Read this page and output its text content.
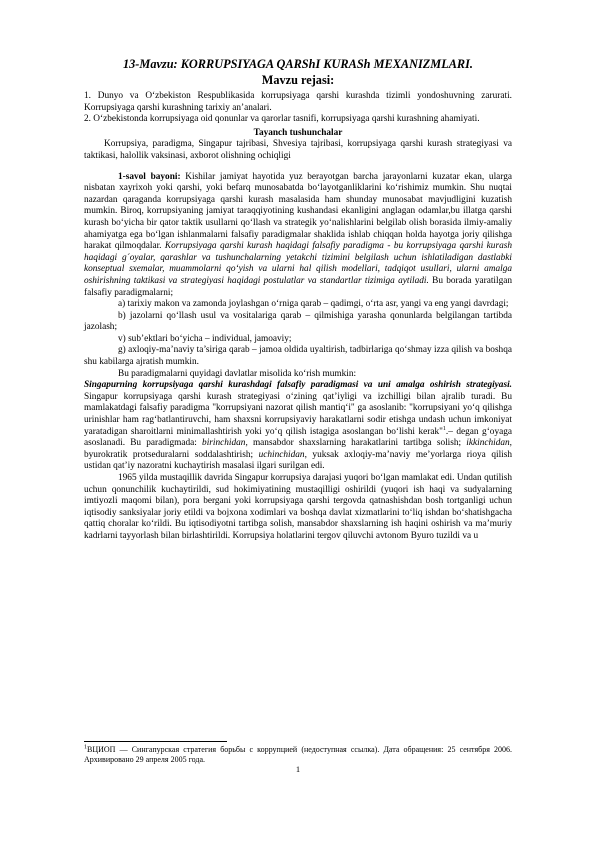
13-Mavzu: KORRUPSIYAGA QARShI KURASh MEXANIZMLARI.

Mavzu rejasi:

1. Dunyo va O‘zbekiston Respublikasida korrupsiyaga qarshi kurashda tizimli yondoshuvning zarurati. Korrupsiyaga qarshi kurashning tarixiy an’analari.

2. O‘zbekistonda korrupsiyaga oid qonunlar va qarorlar tasnifi, korrupsiyaga qarshi kurashning ahamiyati.

Tayanch tushunchalar

Korrupsiya, paradigma, Singapur tajribasi, Shvesiya tajribasi, korrupsiyaga qarshi kurash strategiyasi va taktikasi, halollik vaksinasi, axborot olishning ochiqligi

1-savol bayoni: Kishilar jamiyat hayotida yuz berayotgan barcha jarayonlarni kuzatar ekan, ularga nisbatan xayrixoh yoki qarshi, yoki befarq munosabatda bo‘layotganliklarini ko‘rishimiz mumkin. Shu nuqtai nazardan qaraganda korrupsiyaga qarshi kurash masalasida ham shunday munosabat mavjudligini kuzatish mumkin. Biroq, korrupsiyaning jamiyat taraqqiyotining kushandasi ekanligini anglagan odamlar,bu illatga qarshi kurash bo‘yicha bir qator taktik usullarni qo‘llash va strategik yo‘nalishlarini belgilab olish borasida ilmiy-amaliy ahamiyatga ega bo‘lgan ishlanmalarni falsafiy paradigmalar shaklida ishlab chiqqan holda hayotga joriy qilishga harakat qilmoqdalar. Korrupsiyaga qarshi kurash haqidagi falsafiy paradigma - bu korrupsiyaga qarshi kurash haqidagi g´oyalar, qarashlar va tushunchalarning yetakchi tizimini belgilash uchun ishlatiladigan dastlabki konseptual sxemalar, muammolarni qo‘yish va ularni hal qilish modellari, tadqiqot usullari, ularni amalga oshirishning taktikasi va strategiyasi haqidagi postulatlar va standartlar tizimiga aytiladi. Bu borada yaratilgan falsafiy paradigmalarni;

a) tarixiy makon va zamonda joylashgan o‘rniga qarab – qadimgi, o‘rta asr, yangi va eng yangi davrdagi;

b) jazolarni qo‘llash usul va vositalariga qarab – qilmishiga yarasha qonunlarda belgilangan tartibda jazolash;

v) sub’ektlari bo‘yicha – individual, jamoaviy;

g) axloqiy-ma’naviy ta’siriga qarab – jamoa oldida uyaltirish, tadbirlariga qo‘shmay izza qilish va boshqa shu kabilarga ajratish mumkin.

Bu paradigmalarni quyidagi davlatlar misolida ko‘rish mumkin:

Singapurning korrupsiyaga qarshi kurashdagi falsafiy paradigmasi va uni amalga oshirish strategiyasi. Singapur korrupsiyaga qarshi kurash strategiyasi o‘zining qat’iyligi va izchilligi bilan ajralib turadi. Bu mamlakatdagi falsafiy paradigma "korrupsiyani nazorat qilish mantiq‘i" ga asoslanib: "korrupsiyani yo‘q qilishga urinishlar ham rag‘batlantiruvchi, ham shaxsni korrupsiyaviy harakatlarni sodir etishga undash uchun imkoniyat yaratadigan sharoitlarni minimallashtirish yoki yo‘q qilish istagiga asoslangan bo‘lishi kerak"$^1$.– degan g‘oyaga asoslanadi. Bu paradigmada: birinchidan, mansabdor shaxslarning harakatlarini tartibga solish; ikkinchidan, byurokratik protseduralarni soddalashtirish; uchinchidan, yuksak axloqiy-ma’naviy me’yorlarga rioya qilish ustidan qat’iy nazoratni kuchaytirish masalasi ilgari surilgan edi.

1965 yilda mustaqillik davrida Singapur korrupsiya darajasi yuqori bo‘lgan mamlakat edi. Undan qutilish uchun qonunchilik kuchaytirildi, sud hokimiyatining mustaqilligi oshirildi (yuqori ish haqi va sudyalarning imtiyozli maqomi bilan), pora bergani yoki korrupsiyaga qarshi tergovda qatnashishdan bosh tortganligi uchun iqtisodiy sanksiyalar joriy etildi va bojxona xodimlari va boshqa davlat xizmatlarini to‘liq ishdan bo‘shatishgacha qattiq choralar ko‘rildi. Bu iqtisodiyotni tartibga solish, mansabdor shaxslarning ish haqini oshirish va ma’muriy kadrlarni tayyorlash bilan birlashtirildi. Korrupsiya holatlarini tergov qiluvchi avtonom Byuro tuzildi va u

$^1$ВЦИОП — Сингапурская стратегия борьбы с коррупцией (недоступная ссылка). Дата обращения: 25 сентября 2006. Архивировано 29 апреля 2005 года.
1
